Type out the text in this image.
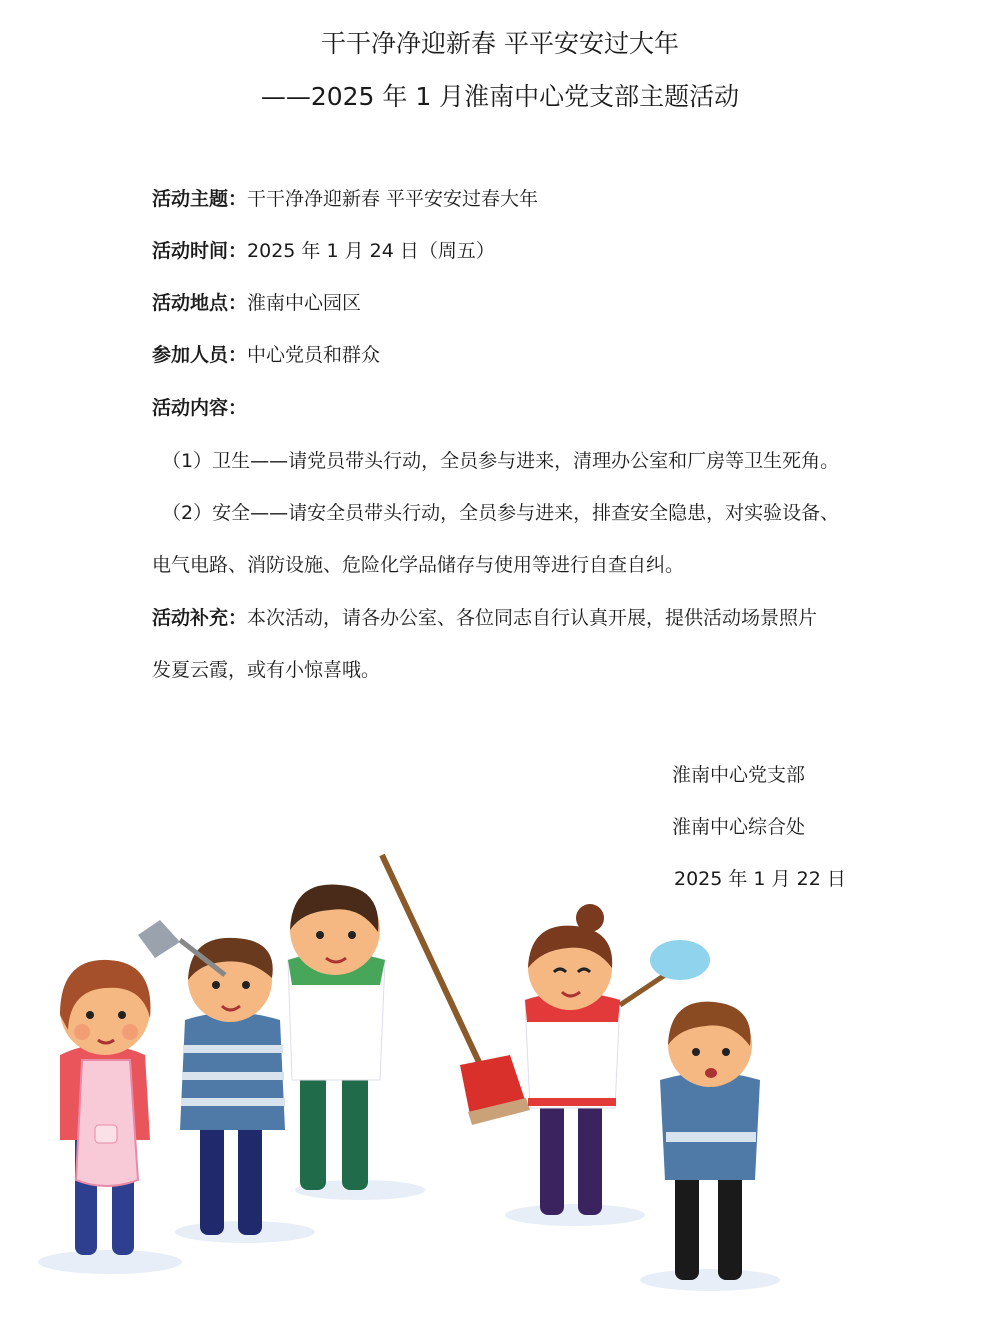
干干净净迎新春 平平安安过大年
——2025 年 1 月淮南中心党支部主题活动
活动主题：干干净净迎新春 平平安安过春大年
活动时间：2025 年 1 月 24 日（周五）
活动地点：淮南中心园区
参加人员：中心党员和群众
活动内容：
（1）卫生——请党员带头行动，全员参与进来，清理办公室和厂房等卫生死角。
（2）安全——请安全员带头行动，全员参与进来，排查安全隐患，对实验设备、
电气电路、消防设施、危险化学品储存与使用等进行自查自纠。
活动补充：本次活动，请各办公室、各位同志自行认真开展，提供活动场景照片
发夏云霞，或有小惊喜哦。
淮南中心党支部
淮南中心综合处
2025 年 1 月 22 日
